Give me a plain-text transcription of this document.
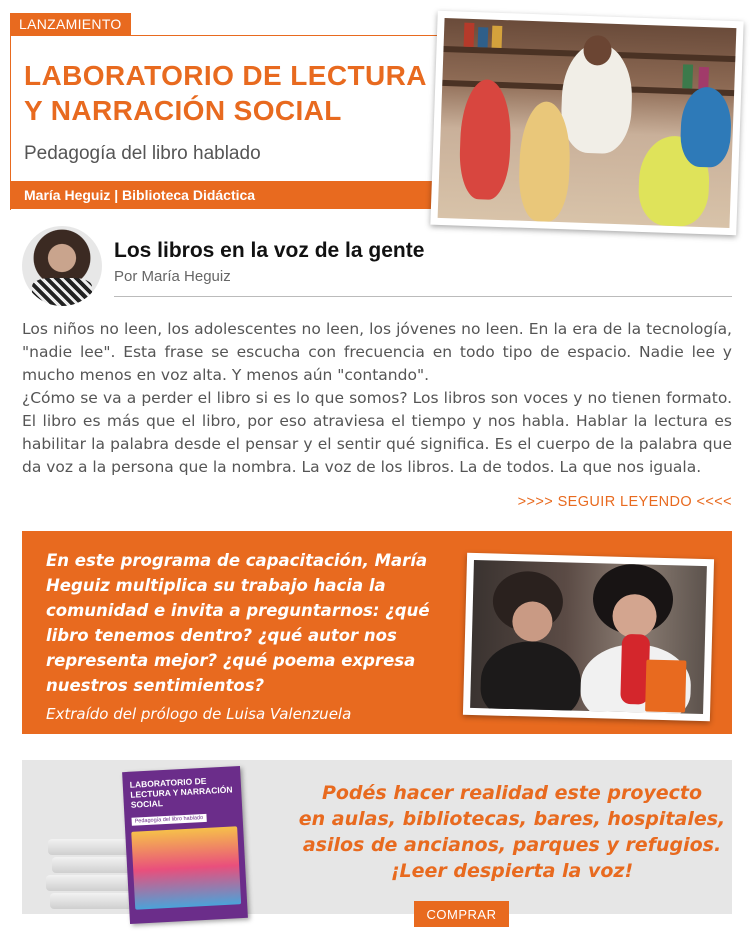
LANZAMIENTO
LABORATORIO DE LECTURA
Y NARRACIÓN SOCIAL
Pedagogía del libro hablado
María Heguiz | Biblioteca Didáctica
Los libros en la voz de la gente
Por María Heguiz

Los niños no leen, los adolescentes no leen, los jóvenes no leen. En la era de la tecnología, "nadie lee". Esta frase se escucha con frecuencia en todo tipo de espacio. Nadie lee y mucho menos en voz alta. Y menos aún "contando".

¿Cómo se va a perder el libro si es lo que somos? Los libros son voces y no tienen formato. El libro es más que el libro, por eso atraviesa el tiempo y nos habla. Hablar la lectura es habilitar la palabra desde el pensar y el sentir qué significa. Es el cuerpo de la palabra que da voz a la persona que la nombra. La voz de los libros. La de todos. La que nos iguala.

>>>> SEGUIR LEYENDO <<<<
En este programa de capacitación, María Heguiz multiplica su trabajo hacia la comunidad e invita a preguntarnos: ¿qué libro tenemos dentro? ¿qué autor nos representa mejor? ¿qué poema expresa nuestros sentimientos?
Extraído del prólogo de Luisa Valenzuela
Podés hacer realidad este proyecto
en aulas, bibliotecas, bares, hospitales,
asilos de ancianos, parques y refugios.
¡Leer despierta la voz!
LABORATORIO DE LECTURA Y NARRACIÓN SOCIAL
Pedagogía del libro hablado
COMPRAR
